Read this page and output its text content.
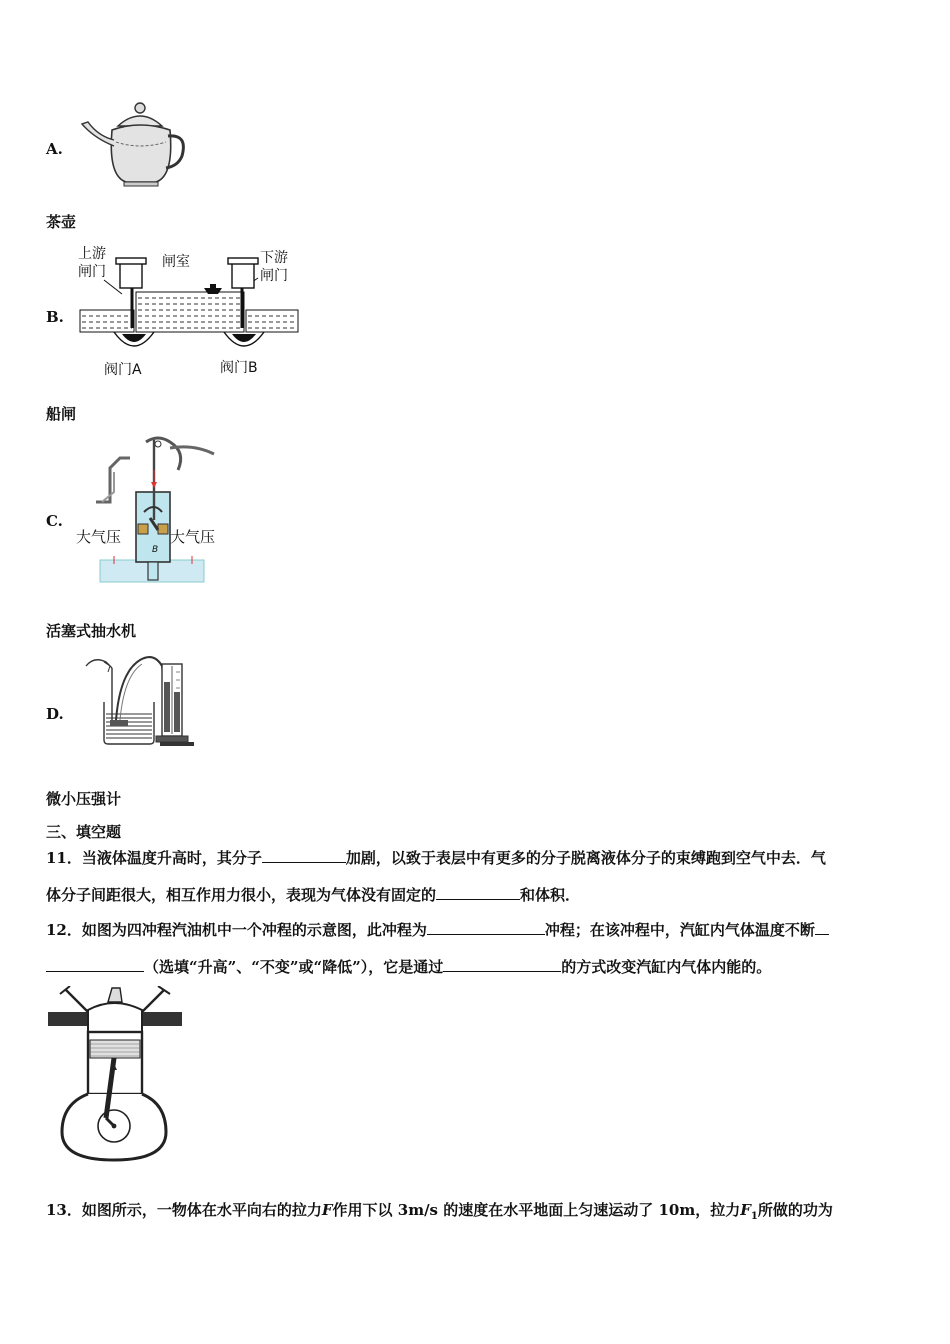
A.
茶壶
B.
上游
闸门
闸室	下游
闸门
阀门A	阀门B
船闸
C.
B
大气压	大气压
活塞式抽水机
D.
微小压强计
三、填空题
11．当液体温度升高时，其分子	加剧，以致于表层中有更多的分子脱离液体分子的束缚跑到空气中去．气
体分子间距很大，相互作用力很小，表现为气体没有固定的	和体积．
12．如图为四冲程汽油机中一个冲程的示意图，此冲程为	冲程；在该冲程中，汽缸内气体温度不断
（选填“升高”、“不变”或“降低”），它是通过	的方式改变汽缸内气体内能的。
13．如图所示，一物体在水平向右的拉力F作用下以 3m/s 的速度在水平地面上匀速运动了 10m，拉力$F_1$所做的功为
